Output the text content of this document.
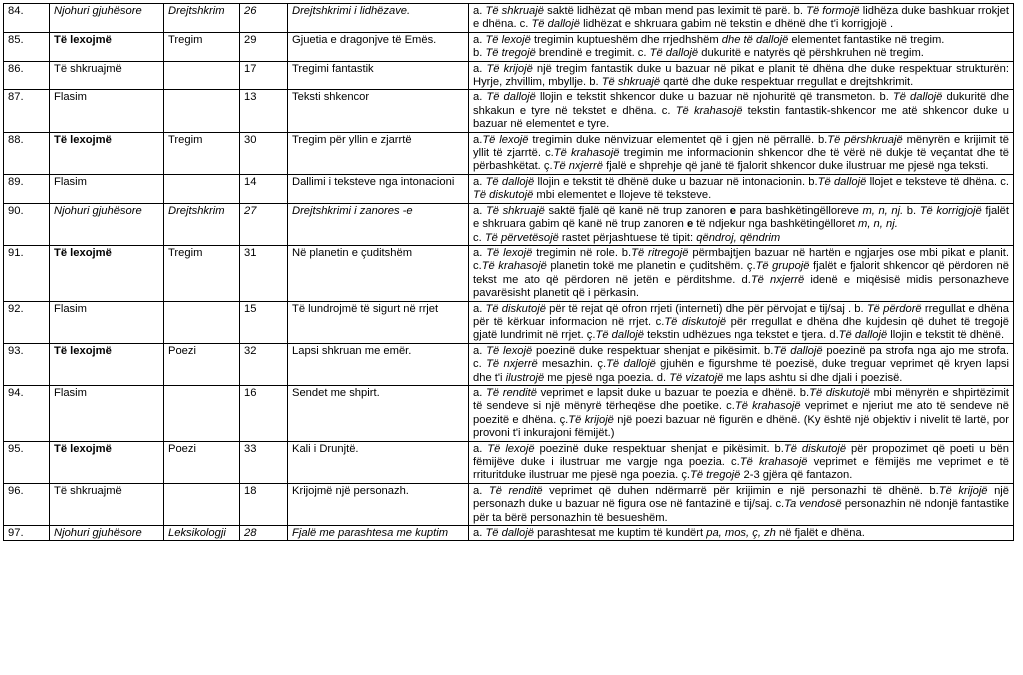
84.	Njohuri gjuhësore	Drejtshkrim	26	Drejtshkrimi i lidhëzave.	a. Të shkruajë saktë lidhëzat që mban mend pas leximit të parë. b. Të formojë lidhëza duke bashkuar rrokjet e dhëna. c. Të dallojë lidhëzat e shkruara gabim në tekstin e dhënë dhe t'i korrigjojë .
85.	Të lexojmë	Tregim	29	Gjuetia e dragonjve të Emës.	a. Të lexojë tregimin kuptueshëm dhe rrjedhshëm dhe të dallojë elementet fantastike në tregim.
b. Të tregojë brendinë e tregimit. c. Të dallojë dukuritë e natyrës që përshkruhen në tregim.
86.	Të shkruajmë		17	Tregimi fantastik	a. Të krijojë një tregim fantastik duke u bazuar në pikat e planit të dhëna dhe duke respektuar strukturën: Hyrje, zhvillim, mbyllje. b. Të shkruajë qartë dhe duke respektuar rregullat e drejtshkrimit.
87.	Flasim		13	Teksti shkencor	a. Të dallojë llojin e tekstit shkencor duke u bazuar në njohuritë që transmeton. b. Të dallojë dukuritë dhe shkakun e tyre në tekstet e dhëna. c. Të krahasojë tekstin fantastik-shkencor me atë shkencor duke u bazuar në elementet e tyre.
88.	Të lexojmë	Tregim	30	Tregim për yllin e zjarrtë	a.Të lexojë tregimin duke nënvizuar elementet që i gjen në përrallë. b.Të përshkruajë mënyrën e krijimit të yllit të zjarrtë. c.Të krahasojë tregimin me informacionin shkencor dhe të vërë në dukje të veçantat dhe të përbashkëtat. ç.Të nxjerrë fjalë e shprehje që janë të fjalorit shkencor duke ilustruar me pjesë nga teksti.
89.	Flasim		14	Dallimi i teksteve nga intonacioni	a. Të dallojë llojin e tekstit të dhënë duke u bazuar në intonacionin. b.Të dallojë llojet e teksteve të dhëna. c. Të diskutojë mbi elementet e llojeve të teksteve.
90.	Njohuri gjuhësore	Drejtshkrim	27	Drejtshkrimi i zanores -e	a. Të shkruajë saktë fjalë që kanë në trup zanoren e para bashkëtingëlloreve m, n, nj. b. Të korrigjojë fjalët e shkruara gabim që kanë në trup zanoren e të ndjekur nga bashkëtingëlloret m, n, nj.
c. Të përvetësojë rastet përjashtuese të tipit: qëndroj, qëndrim
91.	Të lexojmë	Tregim	31	Në planetin e çuditshëm	a. Të lexojë tregimin në role. b.Të ritregojë përmbajtjen bazuar në hartën e ngjarjes ose mbi pikat e planit. c.Të krahasojë planetin tokë me planetin e çuditshëm. ç.Të grupojë fjalët e fjalorit shkencor që përdoren në tekst me ato që përdoren në jetën e përditshme. d.Të nxjerrë idenë e miqësisë midis personazheve pavarësisht planetit që i përkasin.
92.	Flasim		15	Të lundrojmë të sigurt në rrjet	a. Të diskutojë për të rejat që ofron rrjeti (interneti) dhe për përvojat e tij/saj . b. Të përdorë rregullat e dhëna për të kërkuar informacion në rrjet. c.Të diskutojë për rregullat e dhëna dhe kujdesin që duhet të tregojë gjatë lundrimit në rrjet. ç.Të dallojë tekstin udhëzues nga tekstet e tjera. d.Të dallojë llojin e tekstit të dhënë.
93.	Të lexojmë	Poezi	32	Lapsi shkruan me emër.	a. Të lexojë poezinë duke respektuar shenjat e pikësimit. b.Të dallojë poezinë pa strofa nga ajo me strofa. c. Të nxjerrë mesazhin. ç.Të dallojë gjuhën e figurshme të poezisë, duke treguar veprimet që kryen lapsi dhe t'i ilustrojë me pjesë nga poezia. d. Të vizatojë me laps ashtu si dhe djali i poezisë.
94.	Flasim		16	Sendet me shpirt.	a. Të renditë veprimet e lapsit duke u bazuar te poezia e dhënë. b.Të diskutojë mbi mënyrën e shpirtëzimit të sendeve si një mënyrë tërheqëse dhe poetike. c.Të krahasojë veprimet e njeriut me ato të sendeve në poezitë e dhëna. ç.Të krijojë një poezi bazuar në figurën e dhënë. (Ky është një objektiv i nivelit të lartë, por provoni t'i inkurajoni fëmijët.)
95.	Të lexojmë	Poezi	33	Kali i Drunjtë.	a. Të lexojë poezinë duke respektuar shenjat e pikësimit. b.Të diskutojë për propozimet që poeti u bën fëmijëve duke i ilustruar me vargje nga poezia. c.Të krahasojë veprimet e fëmijës me veprimet e të rrituritduke ilustruar me pjesë nga poezia. ç.Të tregojë 2-3 gjëra që fantazon.
96.	Të shkruajmë		18	Krijojmë një personazh.	a. Të renditë veprimet që duhen ndërmarrë për krijimin e një personazhi të dhënë. b.Të krijojë një personazh duke u bazuar në figura ose në fantazinë e tij/saj. c.Ta vendosë personazhin në ndonjë fantastike për ta bërë personazhin të besueshëm.
97.	Njohuri gjuhësore	Leksikologji	28	Fjalë me parashtesa me kuptim	a. Të dallojë parashtesat me kuptim të kundërt pa, mos, ç, zh në fjalët e dhëna.
